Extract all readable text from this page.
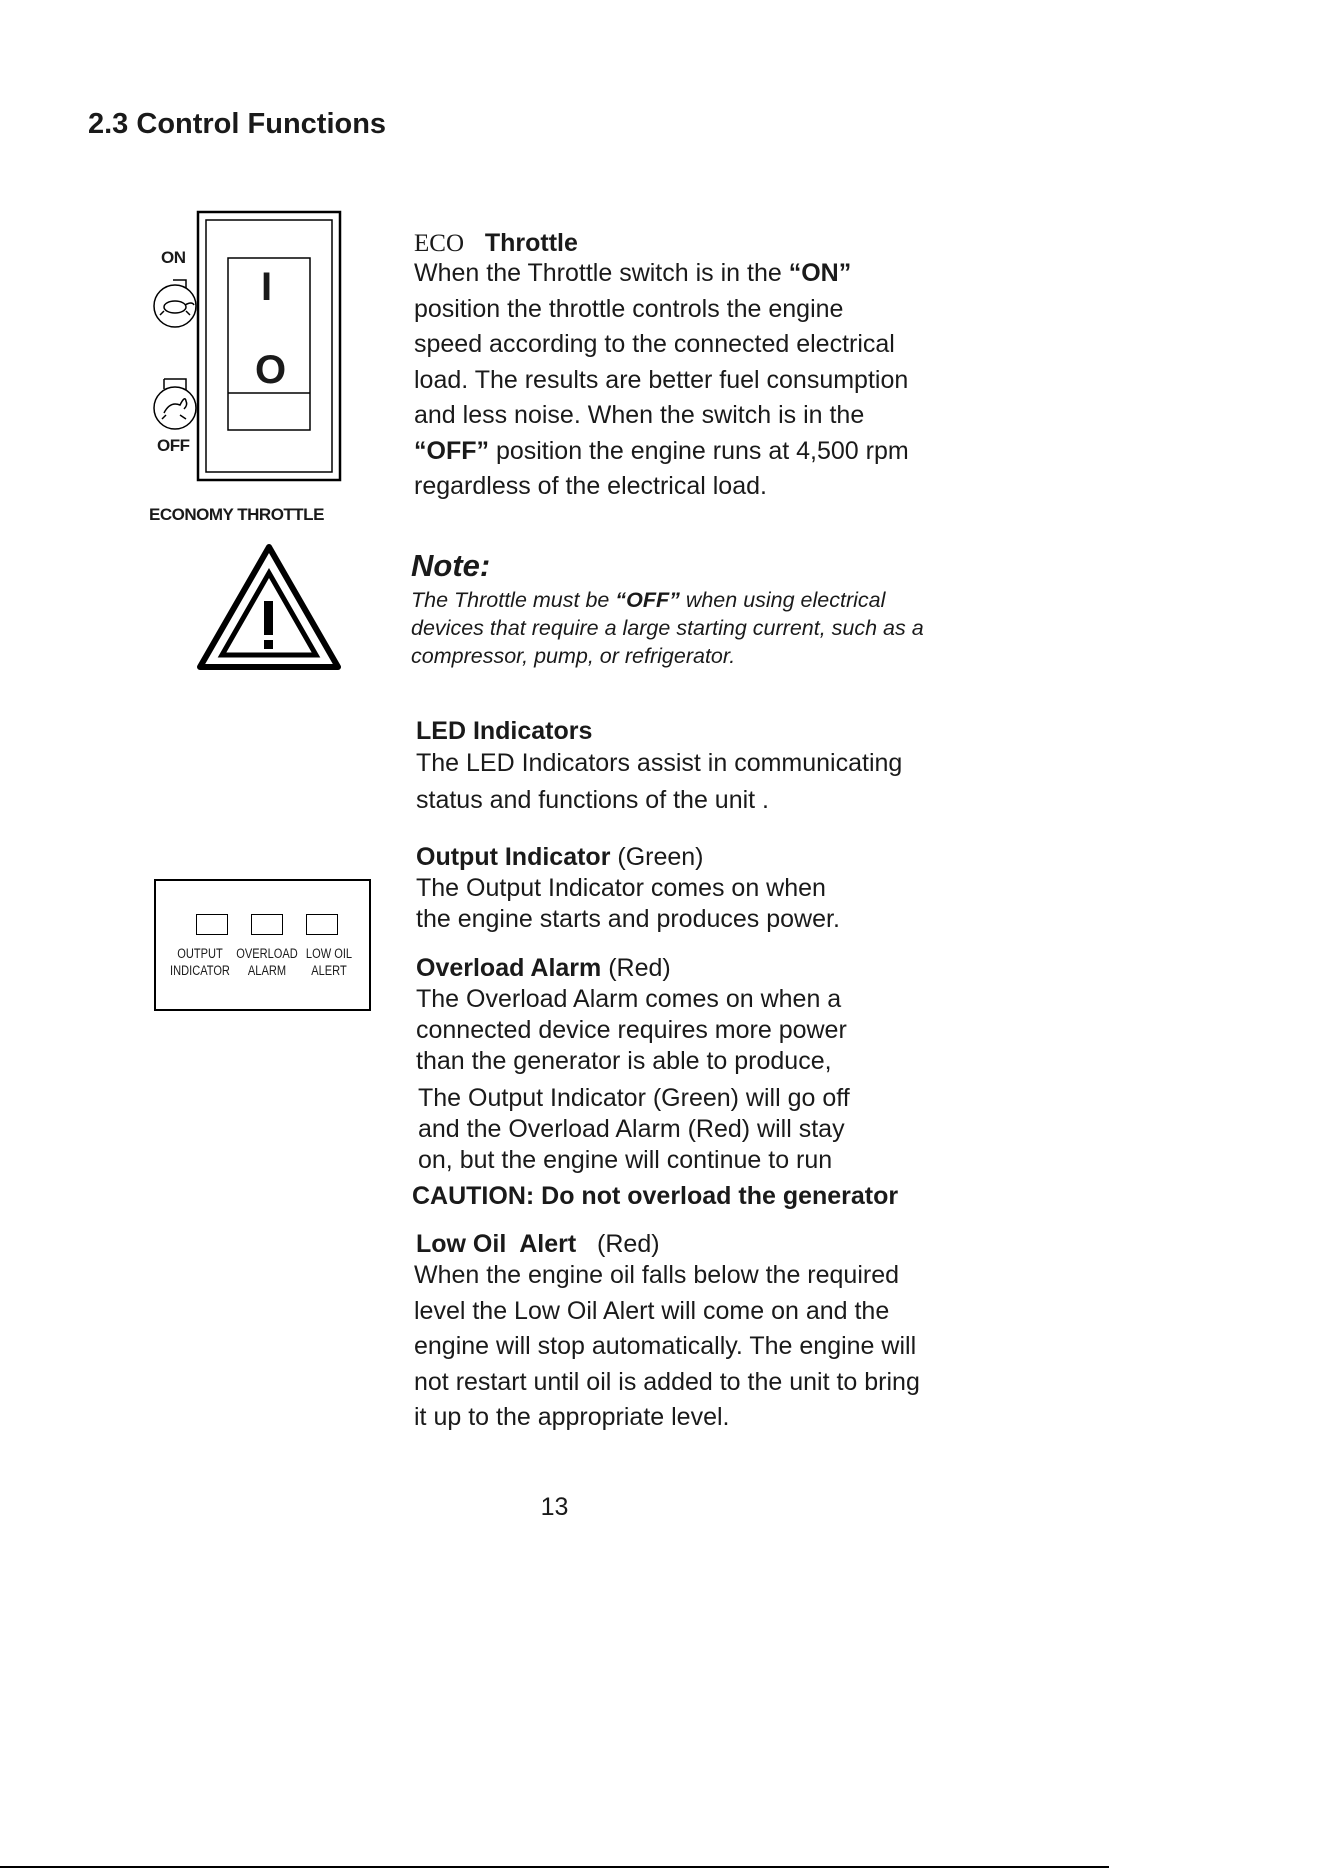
2.3 Control Functions
ON
OFF
I
O
ECONOMY THROTTLE
ECO Throttle
When the Throttle switch is in the “ON”
position the throttle controls the engine
speed according to the connected electrical
load. The results are better fuel consumption
and less noise. When the switch is in the
“OFF” position the engine runs at 4,500 rpm
regardless of the electrical load.
Note:
The Throttle must be “OFF” when using electrical
devices that require a large starting current, such as a
compressor, pump, or refrigerator.
LED Indicators
The LED Indicators assist in communicating
status and functions of the unit .
OUTPUT
INDICATOR
OVERLOAD
ALARM
LOW OIL
ALERT
Output Indicator (Green)
The Output Indicator comes on when
the engine starts and produces power.
Overload Alarm (Red)
The Overload Alarm comes on when a
connected device requires more power
than the generator is able to produce,
The Output Indicator (Green) will go off
and the Overload Alarm (Red) will stay
on, but the engine will continue to run
CAUTION: Do not overload the generator
Low Oil  Alert   (Red)
When the engine oil falls below the required
level the Low Oil Alert will come on and the
engine will stop automatically. The engine will
not restart until oil is added to the unit to bring
it up to the appropriate level.
13
